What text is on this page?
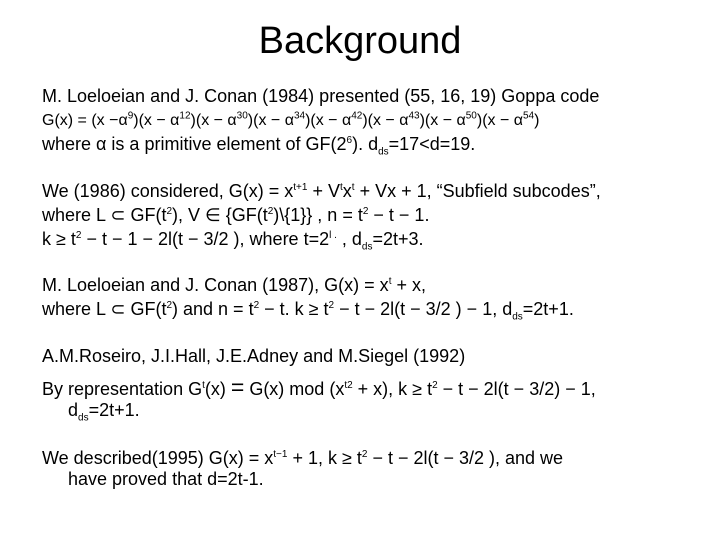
Background
M. Loeloeian and J. Conan (1984) presented (55, 16, 19) Goppa code
$G(x) = (x -\alpha^9)(x - \alpha^{12})(x - \alpha^{30})(x - \alpha^{34})(x - \alpha^{42})(x - \alpha^{43})(x - \alpha^{50})(x - \alpha^{54})$
where α is a primitive element of $GF(2^6)$. $d_{ds}=17<d=19$.
We (1986) considered, $G(x) = x^{t+1} + V^tx^t + Vx + 1$, “Subfield subcodes”,
where L ⊂ $GF(t^2)$, V ∈ $\{GF(t^2)\backslash\{1\}\}$ , $n = t^2 - t - 1$.
$k \ge t^2 - t - 1 - 2l(t - 3/2$ ), where $t=2^{l .}$ , $d_{ds}=2t+3$.
M. Loeloeian and J. Conan (1987), $G(x) = x^t + x$,
where L ⊂ $GF(t^2)$ and $n = t^2 - t$. $k \ge t^2 - t - 2l(t - 3/2$ ) − 1, $d_{ds}=2t+1$.
A.M.Roseiro, J.I.Hall, J.E.Adney and M.Siegel (1992)
By representation $G^t(x) = G(x)$ mod $(x^{t2} + x)$, $k \ge t^2 - t - 2l(t - 3/2) - 1$,
$d_{ds}=2t+1$.
We described(1995) $G(x) = x^{t-1} + 1$, $k \ge t^2 - t - 2l(t - 3/2$ ), and we
have proved that d=2t-1.
